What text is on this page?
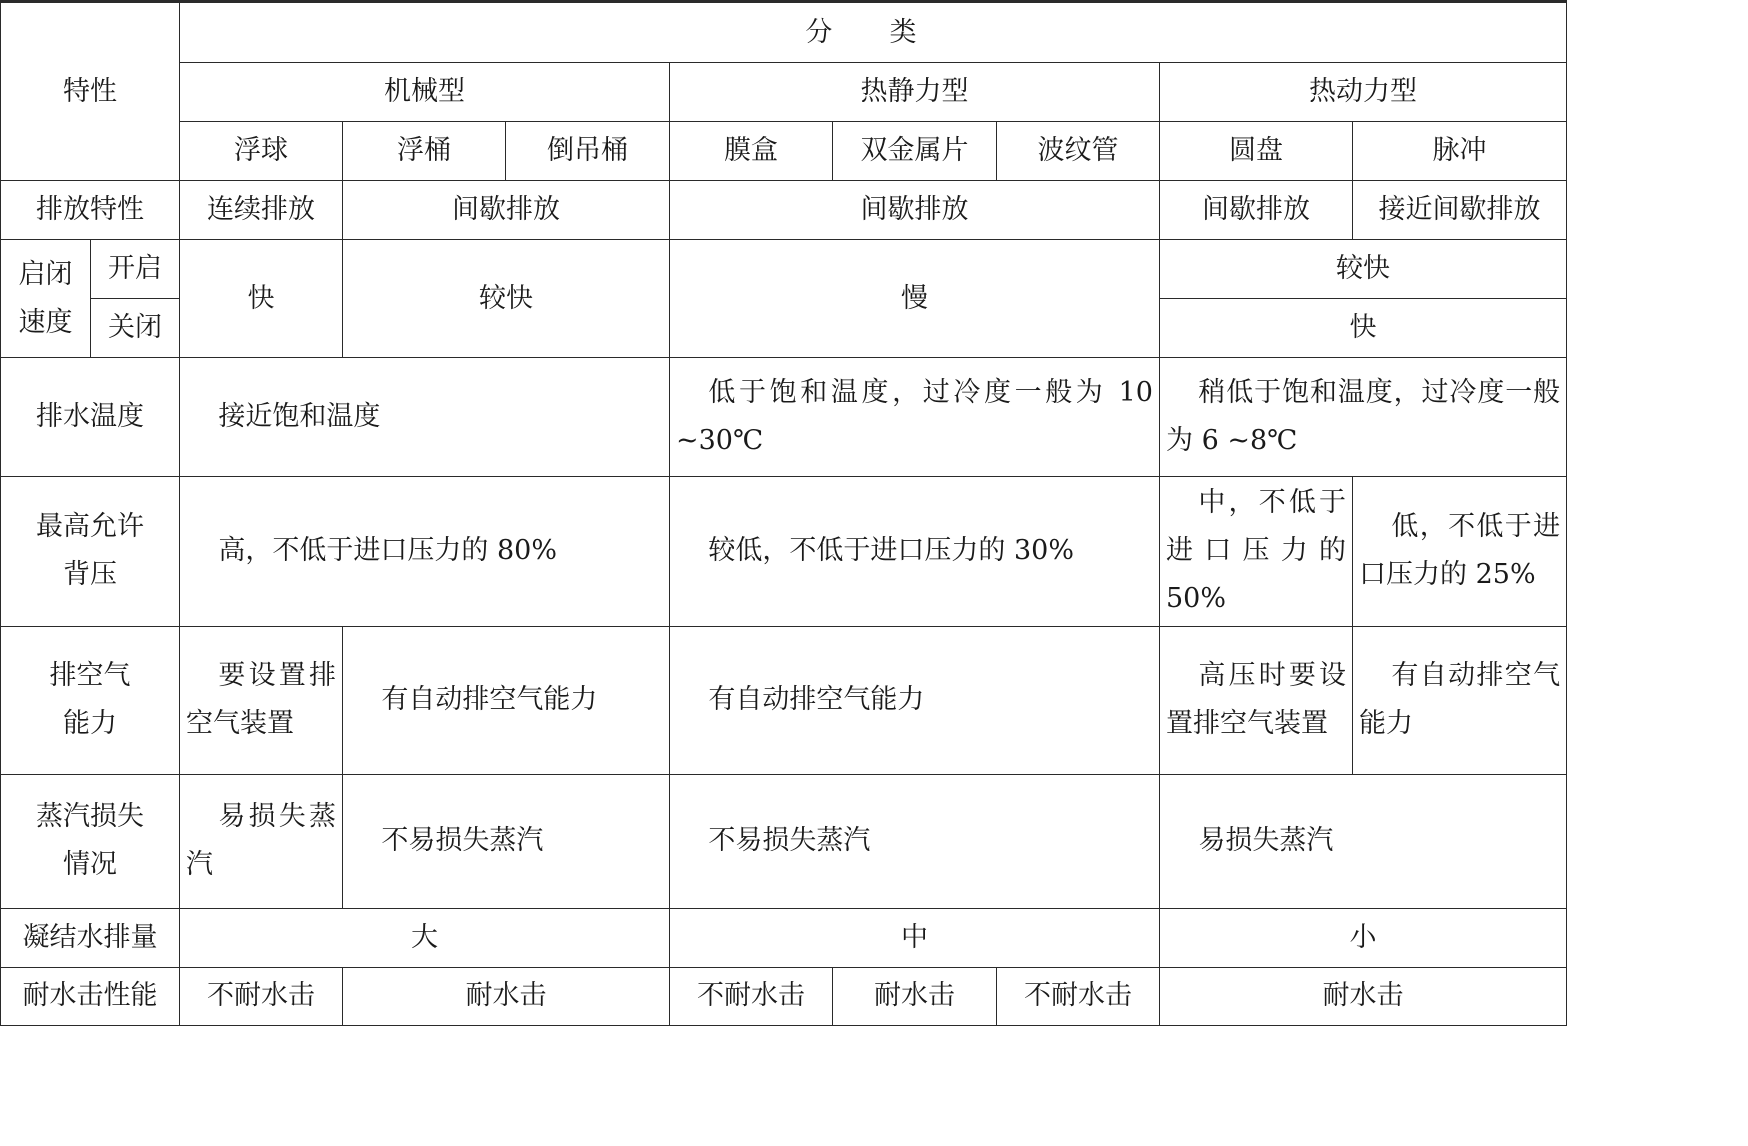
特性		分 类							
		机械型			热静力型			热动力型	
		浮球	浮桶	倒吊桶	膜盒	双金属片	波纹管	圆盘	脉冲
排放特性		连续排放	间歇排放		间歇排放			间歇排放	接近间歇排放
启闭速度	开启	快	较快		慢			较快	
	关闭							快	
排水温度		接近饱和温度			低于饱和温度，过冷度一般为 10 ~30℃			稍低于饱和温度，过冷度一般为 6 ~8℃	
最高允许背压		高，不低于进口压力的 80%			较低，不低于进口压力的 30%			中，不低于进口压力的 50%	低，不低于进口压力的 25%
排空气能力		要设置排空气装置	有自动排空气能力		有自动排空气能力			高压时要设置排空气装置	有自动排空气能力
蒸汽损失情况		易损失蒸汽	不易损失蒸汽		不易损失蒸汽			易损失蒸汽	
凝结水排量		大			中			小	
耐水击性能		不耐水击	耐水击		不耐水击	耐水击	不耐水击	耐水击	
